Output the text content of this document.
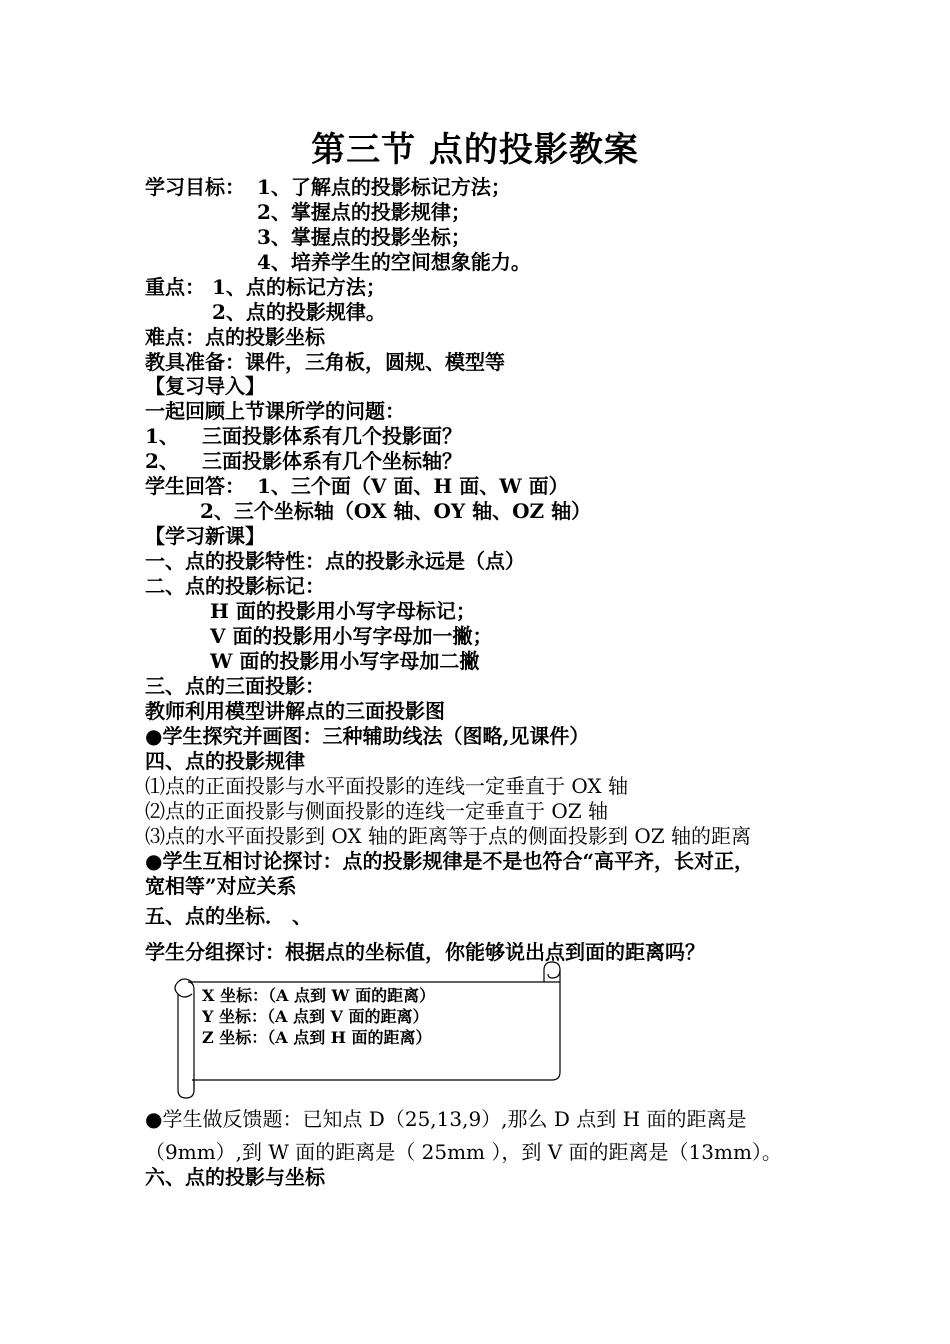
第三节 点的投影教案
学习目标： 1、了解点的投影标记方法；
2、掌握点的投影规律；
3、掌握点的投影坐标；
4、培养学生的空间想象能力。
重点： 1、点的标记方法；
2、点的投影规律。
难点：点的投影坐标
教具准备：课件，三角板，圆规、模型等
【复习导入】
一起回顾上节课所学的问题：
1、 三面投影体系有几个投影面？
2、 三面投影体系有几个坐标轴？
学生回答： 1、三个面（V 面、H 面、W 面）
2、三个坐标轴（OX 轴、OY 轴、OZ 轴）
【学习新课】
一、点的投影特性：点的投影永远是（点）
二、点的投影标记：
H 面的投影用小写字母标记；
V 面的投影用小写字母加一撇；
W 面的投影用小写字母加二撇
三、点的三面投影：
教师利用模型讲解点的三面投影图
●学生探究并画图：三种辅助线法（图略,见课件）
四、点的投影规律
⑴点的正面投影与水平面投影的连线一定垂直于 OX 轴
⑵点的正面投影与侧面投影的连线一定垂直于 OZ 轴
⑶点的水平面投影到 OX 轴的距离等于点的侧面投影到 OZ 轴的距离
●学生互相讨论探讨：点的投影规律是不是也符合“高平齐，长对正，
宽相等”对应关系
五、点的坐标． 、
学生分组探讨：根据点的坐标值，你能够说出点到面的距离吗？
X 坐标：（A 点到 W 面的距离）
Y 坐标：（A 点到 V 面的距离）
Z 坐标：（A 点到 H 面的距离）
●学生做反馈题：已知点 D（25,13,9）,那么 D 点到 H 面的距离是
（9mm）,到 W 面的距离是（ 25mm ），到 V 面的距离是（13mm）。
六、点的投影与坐标
